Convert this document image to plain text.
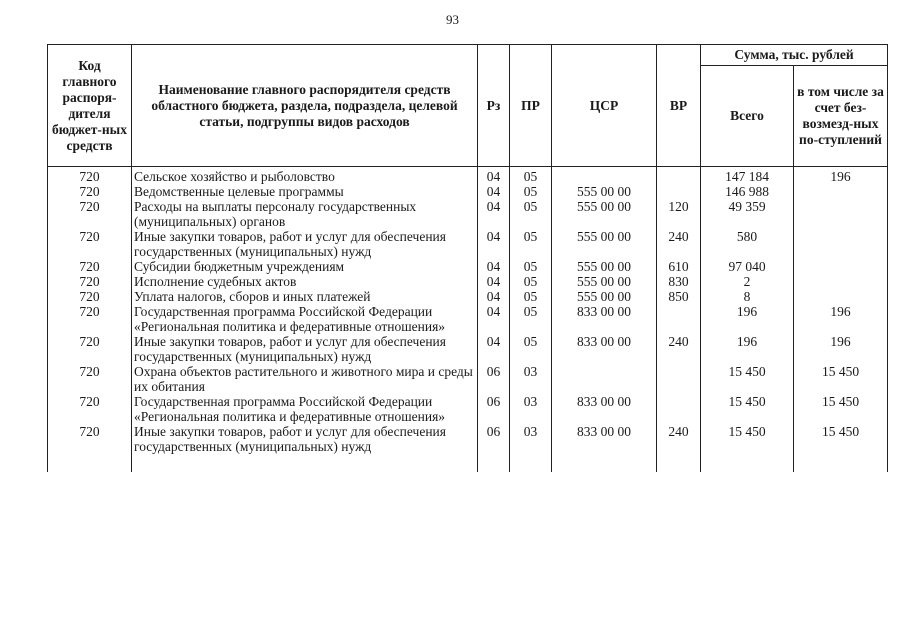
93
Код главного распоря-дителя бюджет-ных средств	Наименование главного распорядителя средств областного бюджета, раздела, подраздела, целевой статьи, подгруппы видов расходов	Рз	ПР	ЦСР	ВР	Сумма, тыс. рублей	
						Всего	в том числе за счет без-возмезд-ных по-ступлений
720	Сельское хозяйство и рыболовство	04	05			147 184	196
720	Ведомственные целевые программы	04	05	555 00 00		146 988	
720	Расходы на выплаты персоналу государственных (муниципальных) органов	04	05	555 00 00	120	49 359	
720	Иные закупки товаров, работ и услуг для обеспечения государственных (муниципальных) нужд	04	05	555 00 00	240	580	
720	Субсидии бюджетным учреждениям	04	05	555 00 00	610	97 040	
720	Исполнение судебных актов	04	05	555 00 00	830	2	
720	Уплата налогов, сборов и иных платежей	04	05	555 00 00	850	8	
720	Государственная программа Российской Федерации «Региональная политика и федеративные отношения»	04	05	833 00 00		196	196
720	Иные закупки товаров, работ и услуг для обеспечения государственных (муниципальных) нужд	04	05	833 00 00	240	196	196
720	Охрана объектов растительного и животного мира и среды их обитания	06	03			15 450	15 450
720	Государственная программа Российской Федерации «Региональная политика и федеративные отношения»	06	03	833 00 00		15 450	15 450
720	Иные закупки товаров, работ и услуг для обеспечения государственных (муниципальных) нужд	06	03	833 00 00	240	15 450	15 450
